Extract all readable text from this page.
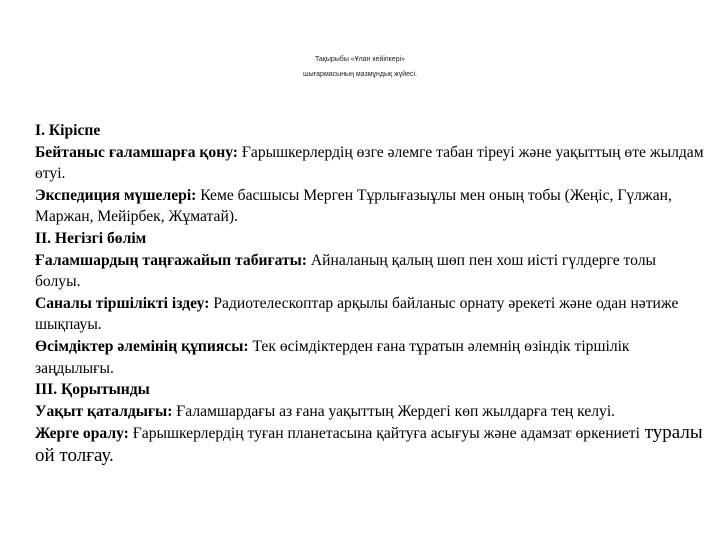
Тақырыбы «Ұлан кейіпкері»
шығармасының мазмұндық жүйесі.

І. Кіріспе

Бейтаныс ғаламшарға қону: Ғарышкерлердің өзге әлемге табан тіреуі және уақыттың өте жылдам өтуі.

Экспедиция мүшелері: Кеме басшысы Мерген Тұрлығазыұлы мен оның тобы (Жеңіс, Гүлжан, Маржан, Мейірбек, Жұматай).

ІІ. Негізгі бөлім

Ғаламшардың таңғажайып табиғаты: Айналаның қалың шөп пен хош иісті гүлдерге толы болуы.

Саналы тіршілікті іздеу: Радиотелескоптар арқылы байланыс орнату әрекеті және одан нәтиже шықпауы.

Өсімдіктер әлемінің құпиясы: Тек өсімдіктерден ғана тұратын әлемнің өзіндік тіршілік заңдылығы.

ІІІ. Қорытынды

Уақыт қаталдығы: Ғаламшардағы аз ғана уақыттың Жердегі көп жылдарға тең келуі.

Жерге оралу: Ғарышкерлердің туған планетасына қайтуға асығуы және адамзат өркениеті туралы ой толғау.
